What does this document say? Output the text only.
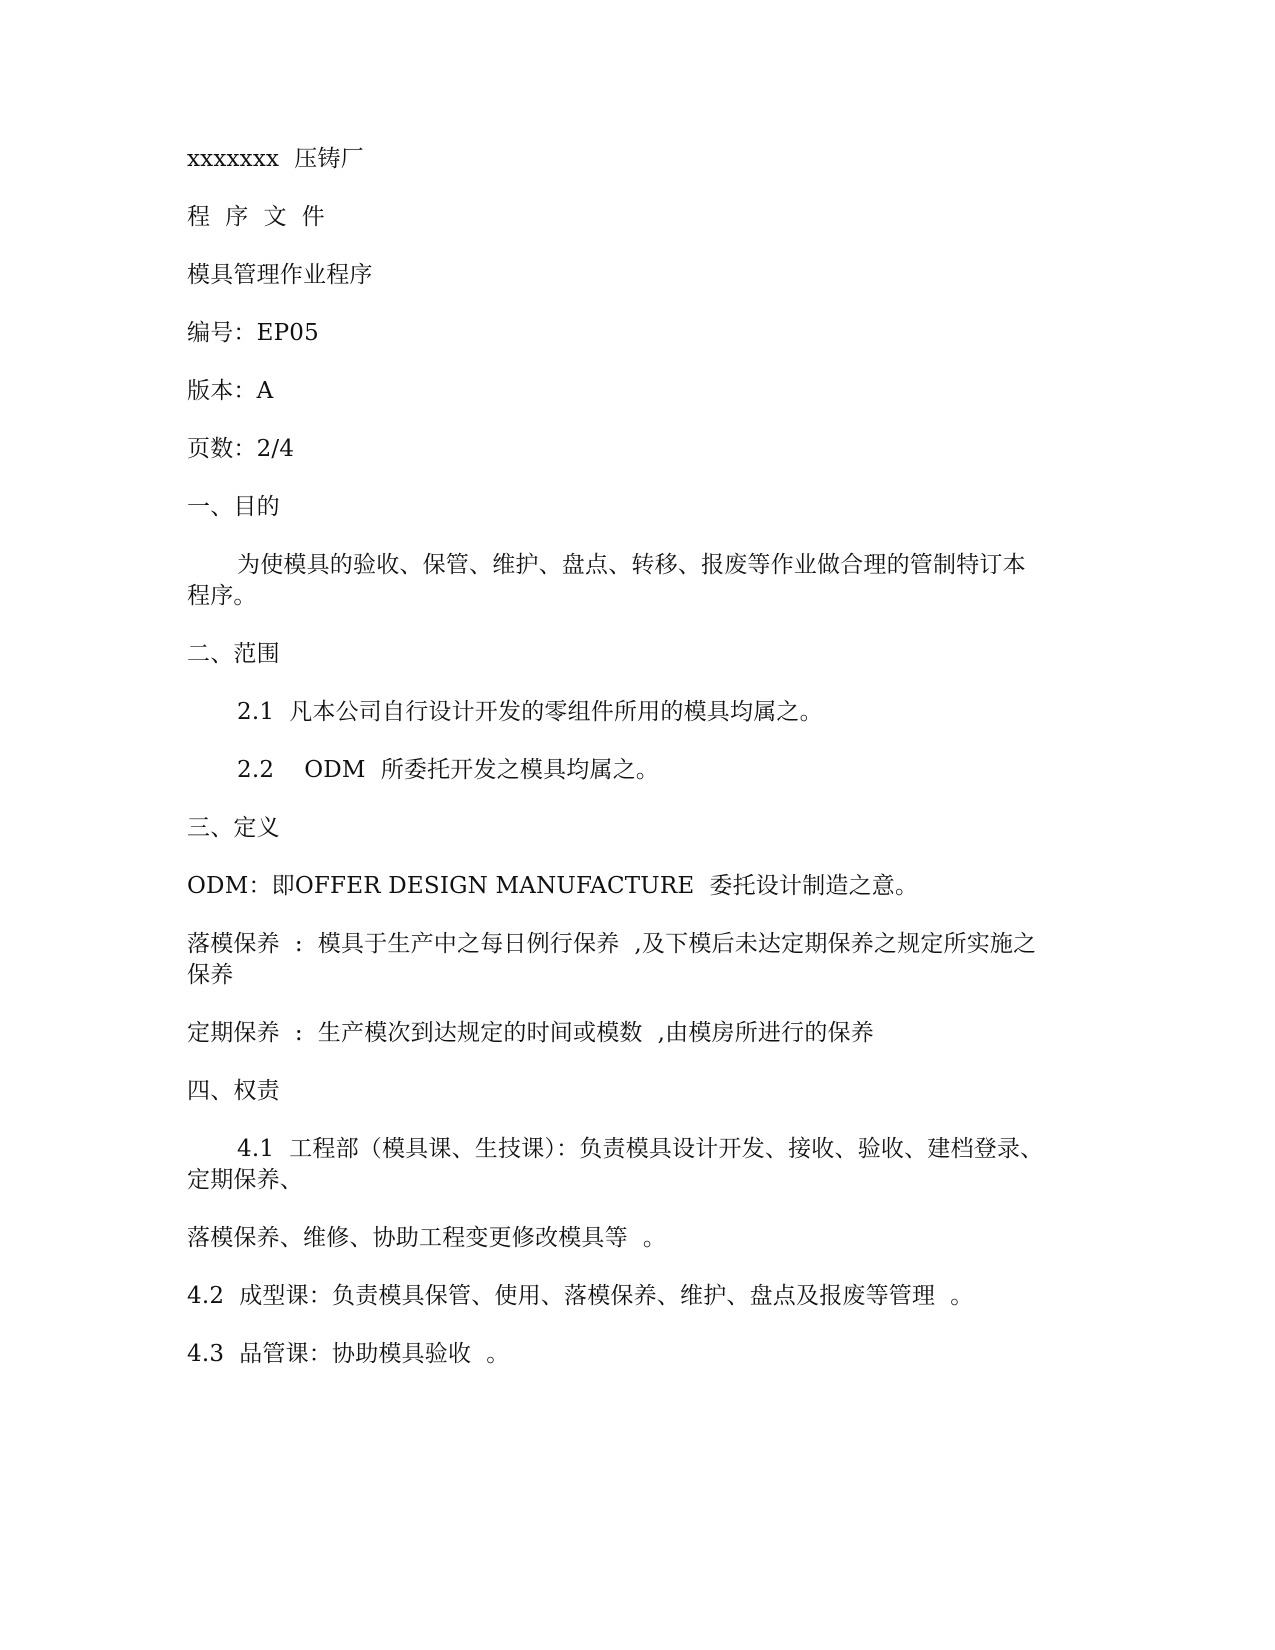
xxxxxxx  压铸厂
程  序  文  件
模具管理作业程序
编号：EP05
版本：A
页数：2/4
一、目的
为使模具的验收、保管、维护、盘点、转移、报废等作业做合理的管制特订本
程序。
二、范围
2.1  凡本公司自行设计开发的零组件所用的模具均属之。
2.2    ODM  所委托开发之模具均属之。
三、定义
ODM：即OFFER DESIGN MANUFACTURE  委托设计制造之意。
落模保养  :  模具于生产中之每日例行保养  ,及下模后未达定期保养之规定所实施之
保养
定期保养  :  生产模次到达规定的时间或模数  ,由模房所进行的保养
四、权责
4.1  工程部（模具课、生技课）：负责模具设计开发、接收、验收、建档登录、
定期保养、
落模保养、维修、协助工程变更修改模具等  。
4.2  成型课：负责模具保管、使用、落模保养、维护、盘点及报废等管理  。
4.3  品管课：协助模具验收  。
